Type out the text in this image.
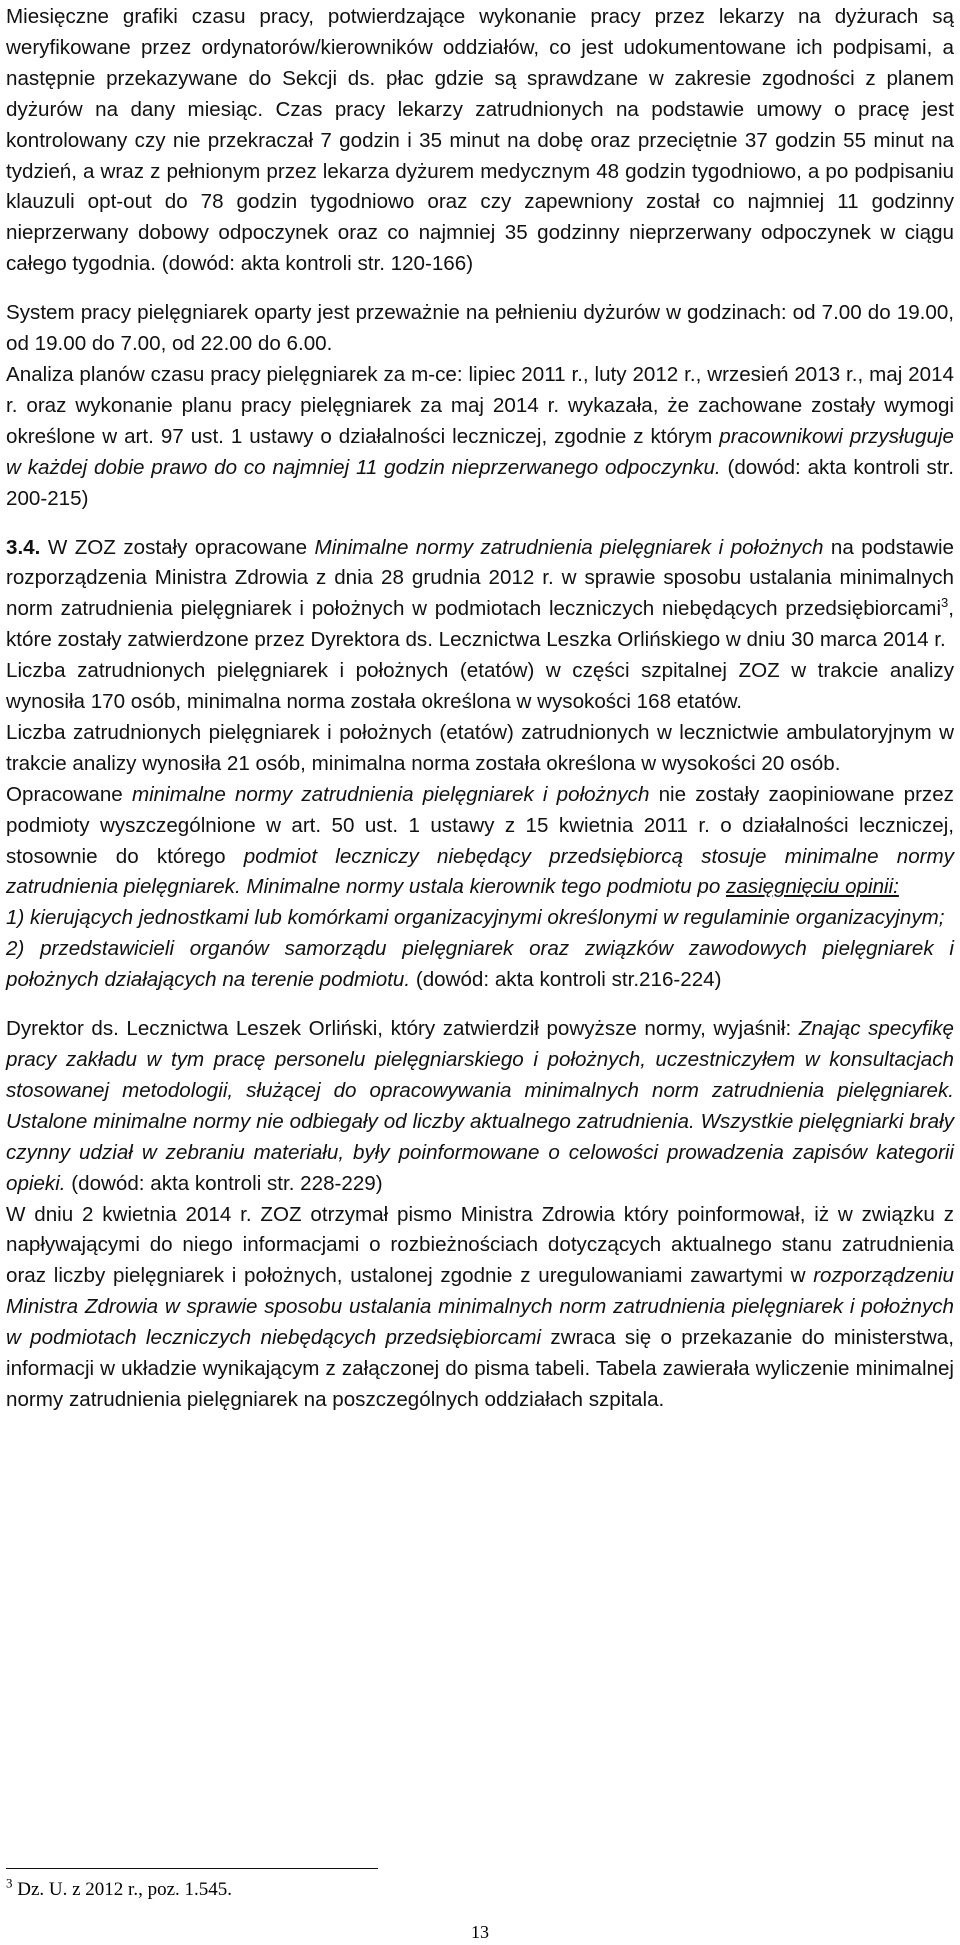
Miesięczne grafiki czasu pracy, potwierdzające wykonanie pracy przez lekarzy na dyżurach są weryfikowane przez ordynatorów/kierowników oddziałów, co jest udokumentowane ich podpisami, a następnie przekazywane do Sekcji ds. płac gdzie są sprawdzane w zakresie zgodności z planem dyżurów na dany miesiąc. Czas pracy lekarzy zatrudnionych na podstawie umowy o pracę jest kontrolowany czy nie przekraczał 7 godzin i 35 minut na dobę oraz przeciętnie 37 godzin 55 minut na tydzień, a wraz z pełnionym przez lekarza dyżurem medycznym 48 godzin tygodniowo, a po podpisaniu klauzuli opt-out do 78 godzin tygodniowo oraz czy zapewniony został co najmniej 11 godzinny nieprzerwany dobowy odpoczynek oraz co najmniej 35 godzinny nieprzerwany odpoczynek w ciągu całego tygodnia. (dowód: akta kontroli str. 120-166)

System pracy pielęgniarek oparty jest przeważnie na pełnieniu dyżurów w godzinach: od 7.00 do 19.00, od 19.00 do 7.00, od 22.00 do 6.00.

Analiza planów czasu pracy pielęgniarek za m-ce: lipiec 2011 r., luty 2012 r., wrzesień 2013 r., maj 2014 r. oraz wykonanie planu pracy pielęgniarek za maj 2014 r. wykazała, że zachowane zostały wymogi określone w art. 97 ust. 1 ustawy o działalności leczniczej, zgodnie z którym pracownikowi przysługuje w każdej dobie prawo do co najmniej 11 godzin nieprzerwanego odpoczynku. (dowód: akta kontroli str. 200-215)

3.4. W ZOZ zostały opracowane Minimalne normy zatrudnienia pielęgniarek i położnych na podstawie rozporządzenia Ministra Zdrowia z dnia 28 grudnia 2012 r. w sprawie sposobu ustalania minimalnych norm zatrudnienia pielęgniarek i położnych w podmiotach leczniczych niebędących przedsiębiorcami$^3$, które zostały zatwierdzone przez Dyrektora ds. Lecznictwa Leszka Orlińskiego w dniu 30 marca 2014 r.

Liczba zatrudnionych pielęgniarek i położnych (etatów) w części szpitalnej ZOZ w trakcie analizy wynosiła 170 osób, minimalna norma została określona w wysokości 168 etatów.

Liczba zatrudnionych pielęgniarek i położnych (etatów) zatrudnionych w lecznictwie ambulatoryjnym w trakcie analizy wynosiła 21 osób, minimalna norma została określona w wysokości 20 osób.

Opracowane minimalne normy zatrudnienia pielęgniarek i położnych nie zostały zaopiniowane przez podmioty wyszczególnione w art. 50 ust. 1 ustawy z 15 kwietnia 2011 r. o działalności leczniczej, stosownie do którego podmiot leczniczy niebędący przedsiębiorcą stosuje minimalne normy zatrudnienia pielęgniarek. Minimalne normy ustala kierownik tego podmiotu po zasięgnięciu opinii:

1) kierujących jednostkami lub komórkami organizacyjnymi określonymi w regulaminie organizacyjnym;

2) przedstawicieli organów samorządu pielęgniarek oraz związków zawodowych pielęgniarek i położnych działających na terenie podmiotu. (dowód: akta kontroli str.216-224)

Dyrektor ds. Lecznictwa Leszek Orliński, który zatwierdził powyższe normy, wyjaśnił: Znając specyfikę pracy zakładu w tym pracę personelu pielęgniarskiego i położnych, uczestniczyłem w konsultacjach stosowanej metodologii, służącej do opracowywania minimalnych norm zatrudnienia pielęgniarek. Ustalone minimalne normy nie odbiegały od liczby aktualnego zatrudnienia. Wszystkie pielęgniarki brały czynny udział w zebraniu materiału, były poinformowane o celowości prowadzenia zapisów kategorii opieki. (dowód: akta kontroli str. 228-229)

W dniu 2 kwietnia 2014 r. ZOZ otrzymał pismo Ministra Zdrowia który poinformował, iż w związku z napływającymi do niego informacjami o rozbieżnościach dotyczących aktualnego stanu zatrudnienia oraz liczby pielęgniarek i położnych, ustalonej zgodnie z uregulowaniami zawartymi w rozporządzeniu Ministra Zdrowia w sprawie sposobu ustalania minimalnych norm zatrudnienia pielęgniarek i położnych w podmiotach leczniczych niebędących przedsiębiorcami zwraca się o przekazanie do ministerstwa, informacji w układzie wynikającym z załączonej do pisma tabeli. Tabela zawierała wyliczenie minimalnej normy zatrudnienia pielęgniarek na poszczególnych oddziałach szpitala.

$^3$ Dz. U. z 2012 r., poz. 1.545.
13
